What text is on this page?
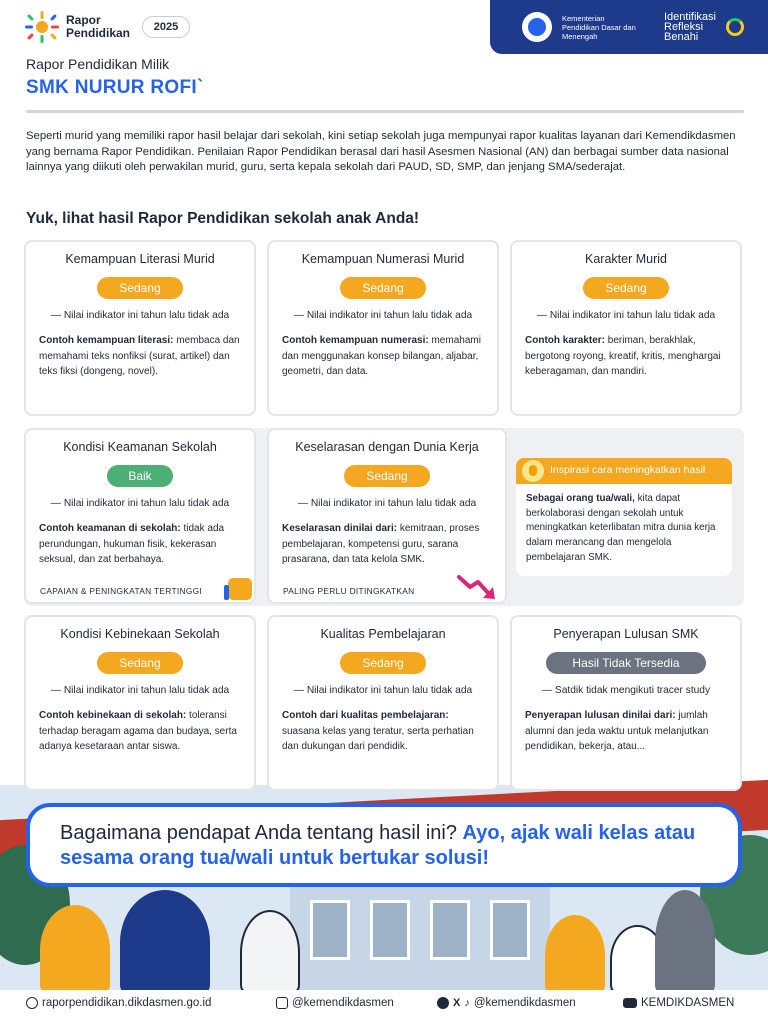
Rapor
Pendidikan	2025
Kementerian
Pendidikan Dasar dan
Menengah
Identifikasi
Refleksi
Benahi
Rapor Pendidikan Milik
SMK NURUR ROFI`

Seperti murid yang memiliki rapor hasil belajar dari sekolah, kini setiap sekolah juga mempunyai rapor kualitas layanan dari Kemendikdasmen yang bernama Rapor Pendidikan. Penilaian Rapor Pendidikan berasal dari hasil Asesmen Nasional (AN) dan berbagai sumber data nasional lainnya yang diikuti oleh perwakilan murid, guru, serta kepala sekolah dari PAUD, SD, SMP, dan jenjang SMA/sederajat.

Yuk, lihat hasil Rapor Pendidikan sekolah anak Anda!
Kemampuan Literasi Murid
Sedang
— Nilai indikator ini tahun lalu tidak ada
Contoh kemampuan literasi: membaca dan memahami teks nonfiksi (surat, artikel) dan teks fiksi (dongeng, novel).
Kemampuan Numerasi Murid
Sedang
— Nilai indikator ini tahun lalu tidak ada
Contoh kemampuan numerasi: memahami dan menggunakan konsep bilangan, aljabar, geometri, dan data.
Karakter Murid
Sedang
— Nilai indikator ini tahun lalu tidak ada
Contoh karakter: beriman, berakhlak, bergotong royong, kreatif, kritis, menghargai keberagaman, dan mandiri.
Kondisi Keamanan Sekolah
Baik
— Nilai indikator ini tahun lalu tidak ada
Contoh keamanan di sekolah: tidak ada perundungan, hukuman fisik, kekerasan seksual, dan zat berbahaya.
CAPAIAN & PENINGKATAN TERTINGGI
Keselarasan dengan Dunia Kerja
Sedang
— Nilai indikator ini tahun lalu tidak ada
Keselarasan dinilai dari: kemitraan, proses pembelajaran, kompetensi guru, sarana prasarana, dan tata kelola SMK.
PALING PERLU DITINGKATKAN
Inspirasi cara meningkatkan hasil
Sebagai orang tua/wali, kita dapat berkolaborasi dengan sekolah untuk meningkatkan keterlibatan mitra dunia kerja dalam merancang dan mengelola pembelajaran SMK.
Kondisi Kebinekaan Sekolah
Sedang
— Nilai indikator ini tahun lalu tidak ada
Contoh kebinekaan di sekolah: toleransi terhadap beragam agama dan budaya, serta adanya kesetaraan antar siswa.
Kualitas Pembelajaran
Sedang
— Nilai indikator ini tahun lalu tidak ada
Contoh dari kualitas pembelajaran: suasana kelas yang teratur, serta perhatian dan dukungan dari pendidik.
Penyerapan Lulusan SMK
Hasil Tidak Tersedia
— Satdik tidak mengikuti tracer study
Penyerapan lulusan dinilai dari: jumlah alumni dan jeda waktu untuk melanjutkan pendidikan, bekerja, atau...
Bagaimana pendapat Anda tentang hasil ini? Ayo, ajak wali kelas atau sesama orang tua/wali untuk bertukar solusi!
raporpendidikan.dikdasmen.go.id	@kemendikdasmen	X ♪ @kemendikdasmen	KEMDIKDASMEN
